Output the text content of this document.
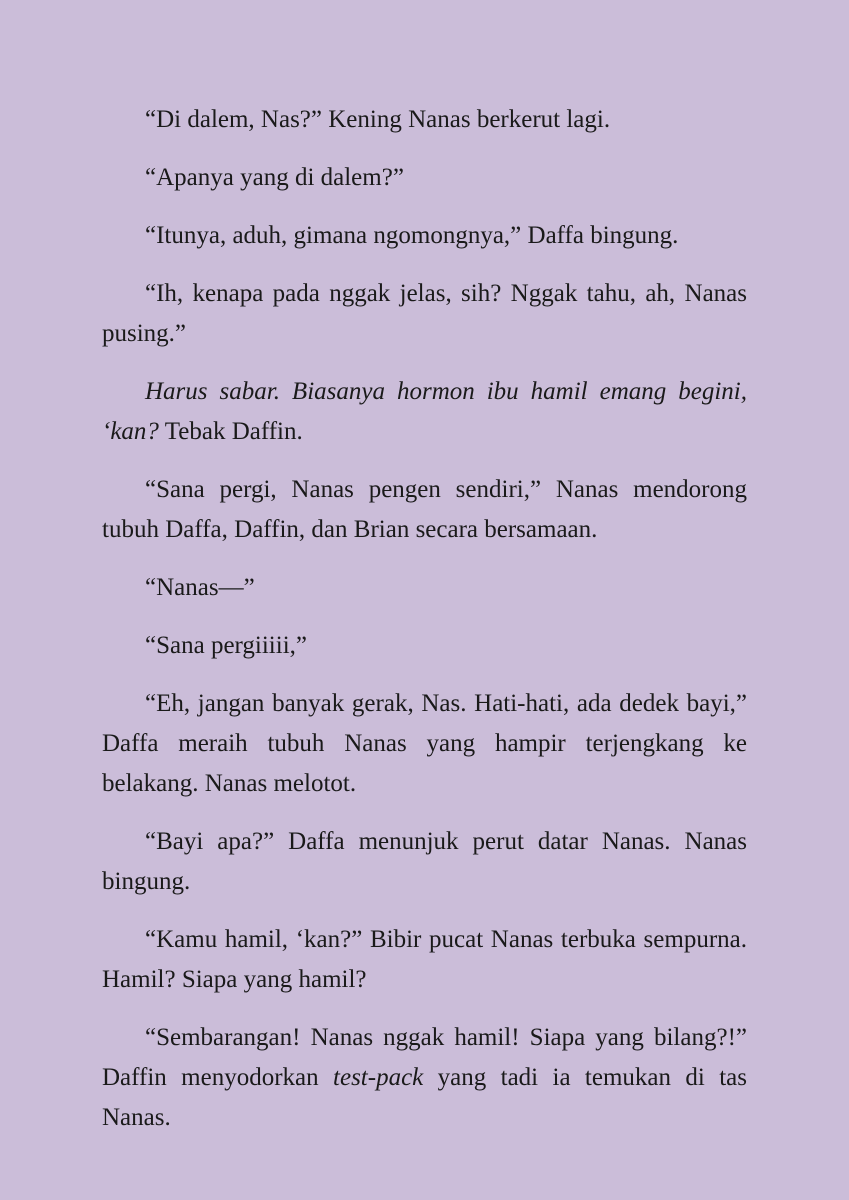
“Di dalem, Nas?” Kening Nanas berkerut lagi.

“Apanya yang di dalem?”

“Itunya, aduh, gimana ngomongnya,” Daffa bingung.

“Ih, kenapa pada nggak jelas, sih? Nggak tahu, ah, Nanas pusing.”

Harus sabar. Biasanya hormon ibu hamil emang begini, ‘kan? Tebak Daffin.

“Sana pergi, Nanas pengen sendiri,” Nanas mendorong tubuh Daffa, Daffin, dan Brian secara bersamaan.

“Nanas—”

“Sana pergiiiii,”

“Eh, jangan banyak gerak, Nas. Hati-hati, ada dedek bayi,” Daffa meraih tubuh Nanas yang hampir terjengkang ke belakang. Nanas melotot.

“Bayi apa?” Daffa menunjuk perut datar Nanas. Nanas bingung.

“Kamu hamil, ‘kan?” Bibir pucat Nanas terbuka sempurna. Hamil? Siapa yang hamil?

“Sembarangan! Nanas nggak hamil! Siapa yang bilang?!” Daffin menyodorkan test-pack yang tadi ia temukan di tas Nanas.
